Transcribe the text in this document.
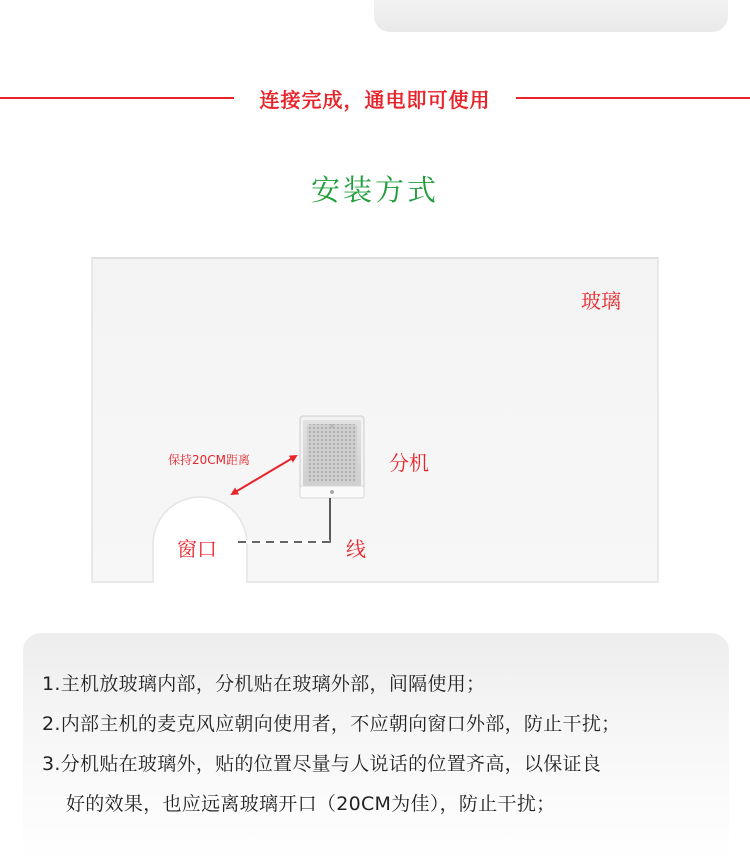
连接完成，通电即可使用
安装方式
玻璃
分机
保持20CM距离
窗口	线
1.主机放玻璃内部，分机贴在玻璃外部，间隔使用；
2.内部主机的麦克风应朝向使用者，不应朝向窗口外部，防止干扰；
3.分机贴在玻璃外，贴的位置尽量与人说话的位置齐高，以保证良
好的效果，也应远离玻璃开口（20CM为佳），防止干扰；
